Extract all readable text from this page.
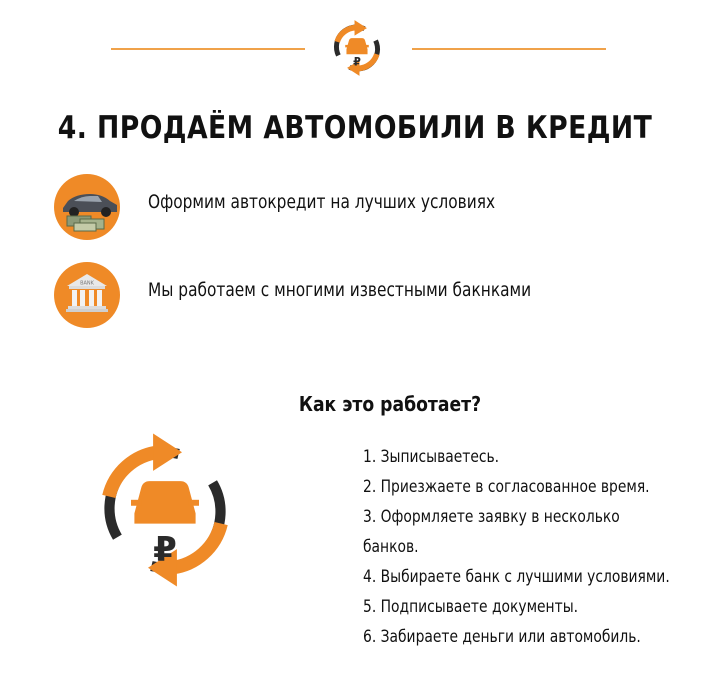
₽
4. ПРОДАЁМ АВТОМОБИЛИ В КРЕДИТ
Оформим автокредит на лучших условиях
BANK	Мы работаем с многими известными бакнками
Как это работает?
₽
1. Зыписываетесь.
2. Приезжаете в согласованное время.
3. Оформляете заявку в несколько
банков.
4. Выбираете банк с лучшими условиями.
5. Подписываете документы.
6. Забираете деньги или автомобиль.
